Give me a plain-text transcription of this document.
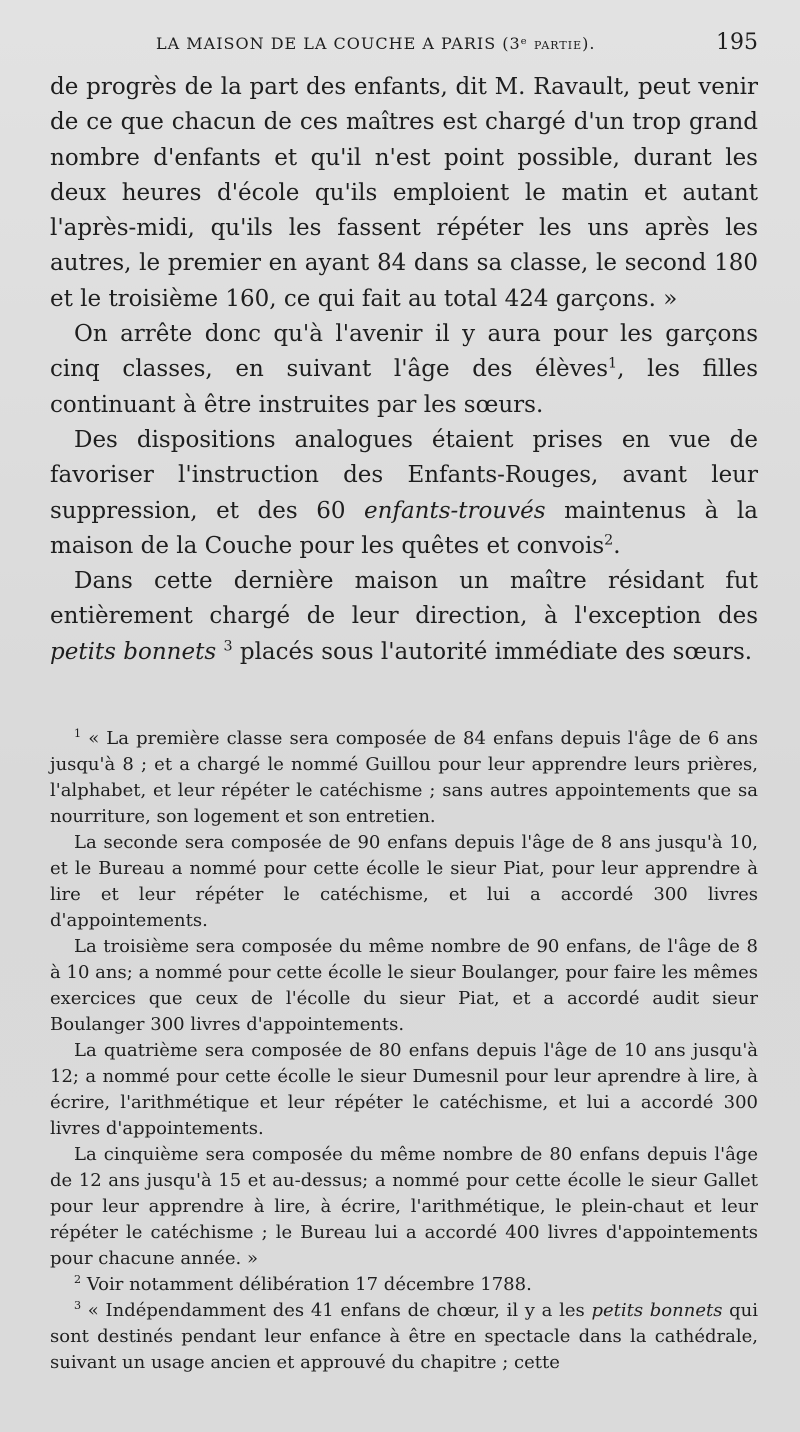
LA MAISON DE LA COUCHE A PARIS (3ᵉ partie).	195

de progrès de la part des enfants, dit M. Ravault, peut venir de ce que chacun de ces maîtres est chargé d'un trop grand nombre d'enfants et qu'il n'est point possible, durant les deux heures d'école qu'ils emploient le matin et autant l'après-midi, qu'ils les fassent répéter les uns après les autres, le premier en ayant 84 dans sa classe, le second 180 et le troisième 160, ce qui fait au total 424 garçons. »

On arrête donc qu'à l'avenir il y aura pour les garçons cinq classes, en suivant l'âge des élèves$^1$, les filles continuant à être instruites par les sœurs.

Des dispositions analogues étaient prises en vue de favoriser l'instruction des Enfants-Rouges, avant leur suppression, et des 60 enfants-trouvés maintenus à la maison de la Couche pour les quêtes et convois$^2$.

Dans cette dernière maison un maître résidant fut entièrement chargé de leur direction, à l'exception des petits bonnets $^3$ placés sous l'autorité immédiate des sœurs.

$^1$ « La première classe sera composée de 84 enfans depuis l'âge de 6 ans jusqu'à 8 ; et a chargé le nommé Guillou pour leur apprendre leurs prières, l'alphabet, et leur répéter le catéchisme ; sans autres appointements que sa nourriture, son logement et son entretien.

La seconde sera composée de 90 enfans depuis l'âge de 8 ans jusqu'à 10, et le Bureau a nommé pour cette écolle le sieur Piat, pour leur apprendre à lire et leur répéter le catéchisme, et lui a accordé 300 livres d'appointements.

La troisième sera composée du même nombre de 90 enfans, de l'âge de 8 à 10 ans; a nommé pour cette écolle le sieur Boulanger, pour faire les mêmes exercices que ceux de l'écolle du sieur Piat, et a accordé audit sieur Boulanger 300 livres d'appointements.

La quatrième sera composée de 80 enfans depuis l'âge de 10 ans jusqu'à 12; a nommé pour cette écolle le sieur Dumesnil pour leur aprendre à lire, à écrire, l'arithmétique et leur répéter le catéchisme, et lui a accordé 300 livres d'appointements.

La cinquième sera composée du même nombre de 80 enfans depuis l'âge de 12 ans jusqu'à 15 et au-dessus; a nommé pour cette écolle le sieur Gallet pour leur apprendre à lire, à écrire, l'arithmétique, le plein-chaut et leur répéter le catéchisme ; le Bureau lui a accordé 400 livres d'appointements pour chacune année. »

$^2$ Voir notamment délibération 17 décembre 1788.

$^3$ « Indépendamment des 41 enfans de chœur, il y a les petits bonnets qui sont destinés pendant leur enfance à être en spectacle dans la cathédrale, suivant un usage ancien et approuvé du chapitre ; cette
